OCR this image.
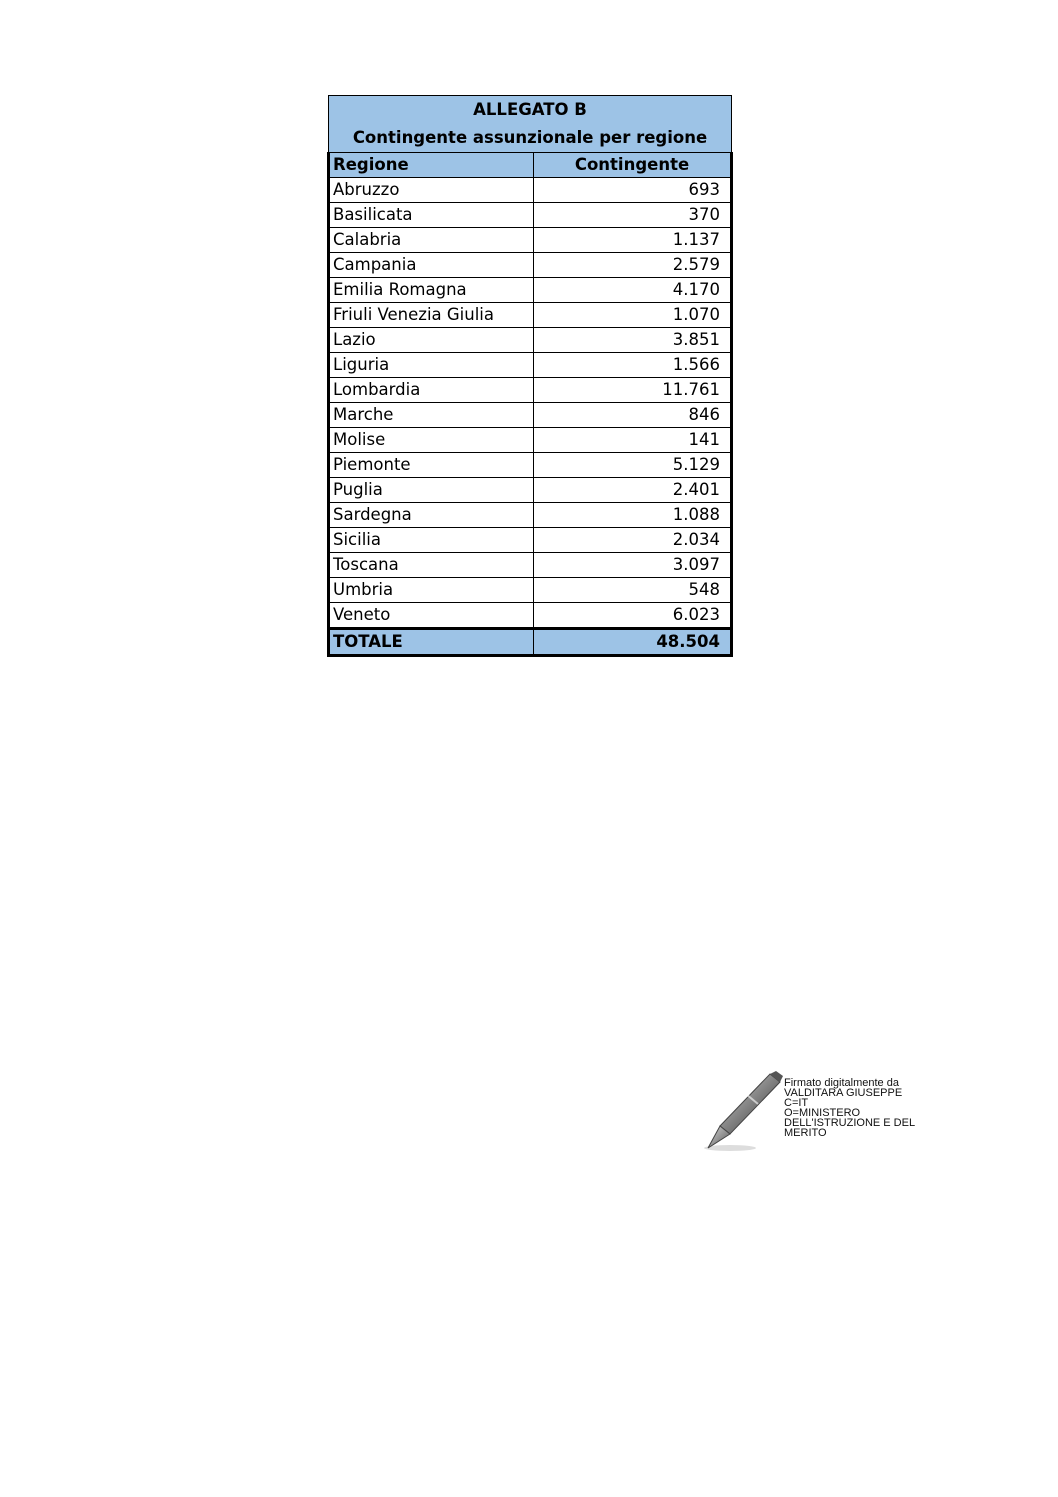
ALLEGATO B
Contingente assunzionale per regione	

Regione	Contingente
Abruzzo	693
Basilicata	370
Calabria	1.137
Campania	2.579
Emilia Romagna	4.170
Friuli Venezia Giulia	1.070
Lazio	3.851
Liguria	1.566
Lombardia	11.761
Marche	846
Molise	141
Piemonte	5.129
Puglia	2.401
Sardegna	1.088
Sicilia	2.034
Toscana	3.097
Umbria	548
Veneto	6.023
TOTALE	48.504
Firmato digitalmente da
VALDITARA GIUSEPPE
C=IT
O=MINISTERO
DELL'ISTRUZIONE E DEL
MERITO
